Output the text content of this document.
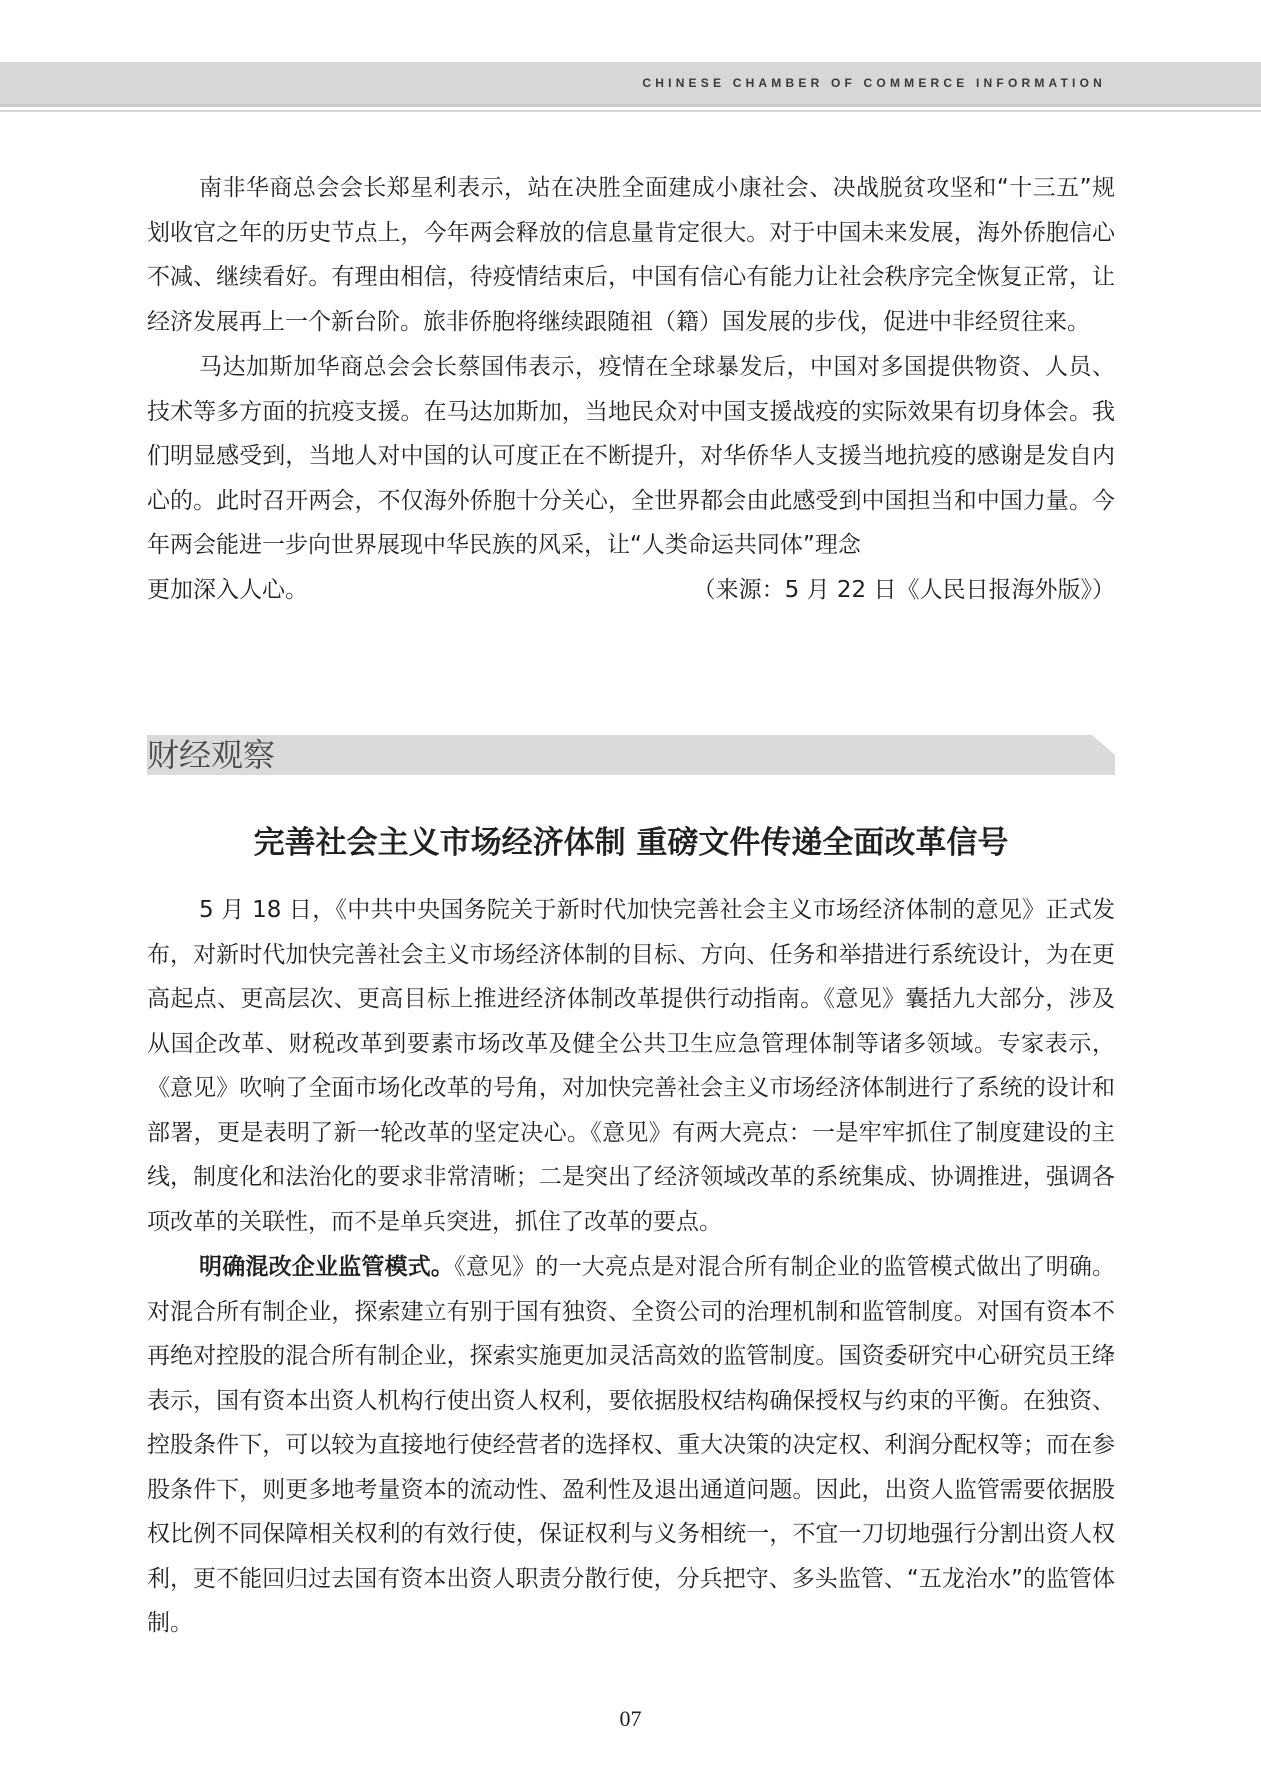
CHINESE CHAMBER OF COMMERCE INFORMATION

南非华商总会会长郑星利表示，站在决胜全面建成小康社会、决战脱贫攻坚和“十三五”规划收官之年的历史节点上，今年两会释放的信息量肯定很大。对于中国未来发展，海外侨胞信心不减、继续看好。有理由相信，待疫情结束后，中国有信心有能力让社会秩序完全恢复正常，让经济发展再上一个新台阶。旅非侨胞将继续跟随祖（籍）国发展的步伐，促进中非经贸往来。

马达加斯加华商总会会长蔡国伟表示，疫情在全球暴发后，中国对多国提供物资、人员、技术等多方面的抗疫支援。在马达加斯加，当地民众对中国支援战疫的实际效果有切身体会。我们明显感受到，当地人对中国的认可度正在不断提升，对华侨华人支援当地抗疫的感谢是发自内心的。此时召开两会，不仅海外侨胞十分关心，全世界都会由此感受到中国担当和中国力量。今年两会能进一步向世界展现中华民族的风采，让“人类命运共同体”理念

更加深入人心。	（来源：5 月 22 日《人民日报海外版》）
财经观察
完善社会主义市场经济体制 重磅文件传递全面改革信号

5 月 18 日，《中共中央国务院关于新时代加快完善社会主义市场经济体制的意见》正式发布，对新时代加快完善社会主义市场经济体制的目标、方向、任务和举措进行系统设计，为在更高起点、更高层次、更高目标上推进经济体制改革提供行动指南。《意见》囊括九大部分，涉及从国企改革、财税改革到要素市场改革及健全公共卫生应急管理体制等诸多领域。专家表示，《意见》吹响了全面市场化改革的号角，对加快完善社会主义市场经济体制进行了系统的设计和部署，更是表明了新一轮改革的坚定决心。《意见》有两大亮点：一是牢牢抓住了制度建设的主线，制度化和法治化的要求非常清晰；二是突出了经济领域改革的系统集成、协调推进，强调各项改革的关联性，而不是单兵突进，抓住了改革的要点。

明确混改企业监管模式。《意见》的一大亮点是对混合所有制企业的监管模式做出了明确。对混合所有制企业，探索建立有别于国有独资、全资公司的治理机制和监管制度。对国有资本不再绝对控股的混合所有制企业，探索实施更加灵活高效的监管制度。国资委研究中心研究员王绛表示，国有资本出资人机构行使出资人权利，要依据股权结构确保授权与约束的平衡。在独资、控股条件下，可以较为直接地行使经营者的选择权、重大决策的决定权、利润分配权等；而在参股条件下，则更多地考量资本的流动性、盈利性及退出通道问题。因此，出资人监管需要依据股权比例不同保障相关权利的有效行使，保证权利与义务相统一，不宜一刀切地强行分割出资人权利，更不能回归过去国有资本出资人职责分散行使，分兵把守、多头监管、“五龙治水”的监管体制。

07
